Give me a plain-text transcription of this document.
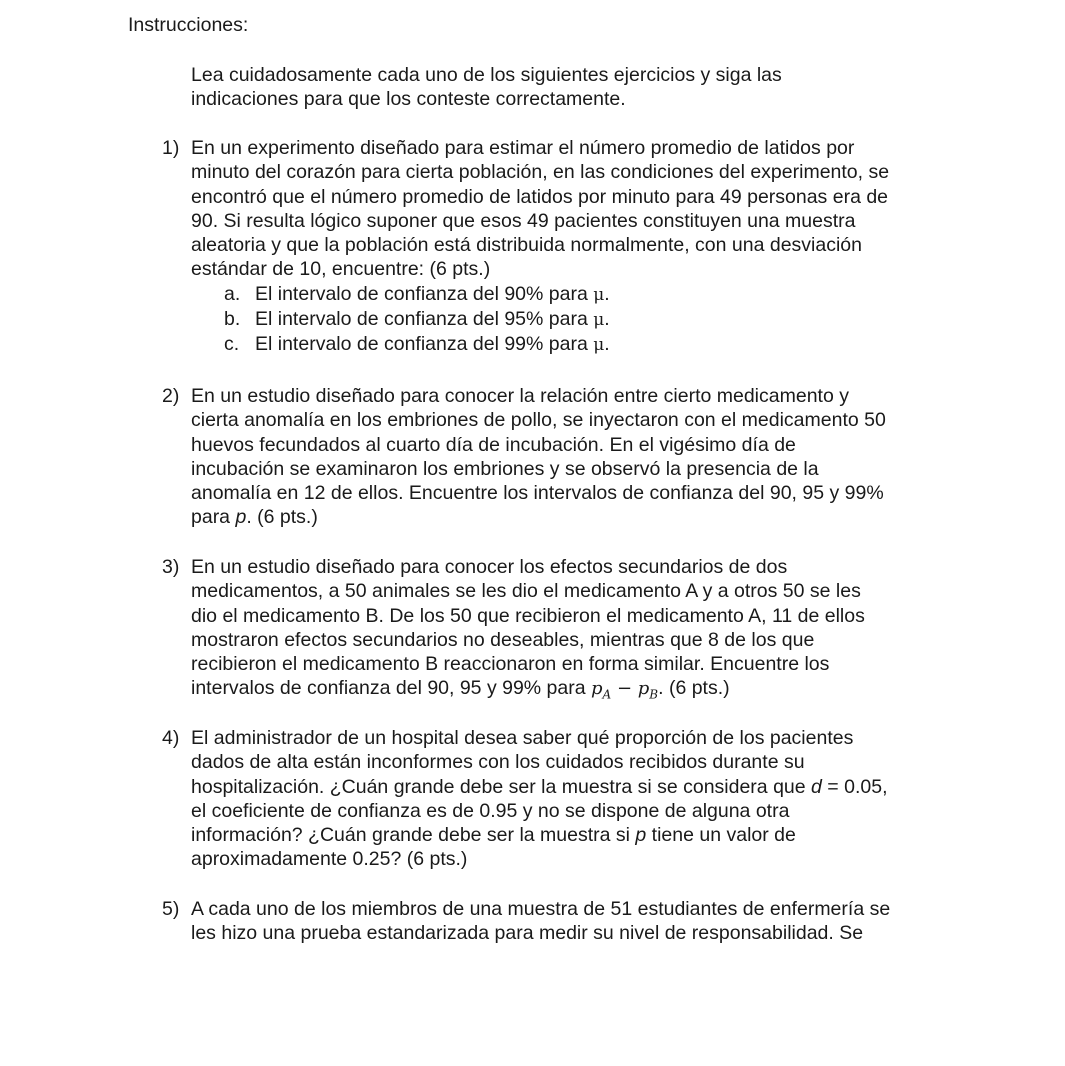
Instrucciones:

Lea cuidadosamente cada uno de los siguientes ejercicios y siga las

indicaciones para que los conteste correctamente.

1) En un experimento diseñado para estimar el número promedio de latidos por
minuto del corazón para cierta población, en las condiciones del experimento, se
encontró que el número promedio de latidos por minuto para 49 personas era de
90. Si resulta lógico suponer que esos 49 pacientes constituyen una muestra
aleatoria y que la población está distribuida normalmente, con una desviación
estándar de 10, encuentre: (6 pts.)
a. El intervalo de confianza del 90% para μ.
b. El intervalo de confianza del 95% para μ.
c. El intervalo de confianza del 99% para μ.
2) En un estudio diseñado para conocer la relación entre cierto medicamento y
cierta anomalía en los embriones de pollo, se inyectaron con el medicamento 50
huevos fecundados al cuarto día de incubación. En el vigésimo día de
incubación se examinaron los embriones y se observó la presencia de la
anomalía en 12 de ellos. Encuentre los intervalos de confianza del 90, 95 y 99%
para p. (6 pts.)
3) En un estudio diseñado para conocer los efectos secundarios de dos
medicamentos, a 50 animales se les dio el medicamento A y a otros 50 se les
dio el medicamento B. De los 50 que recibieron el medicamento A, 11 de ellos
mostraron efectos secundarios no deseables, mientras que 8 de los que
recibieron el medicamento B reaccionaron en forma similar. Encuentre los
intervalos de confianza del 90, 95 y 99% para $p_A - p_B$. (6 pts.)
4) El administrador de un hospital desea saber qué proporción de los pacientes
dados de alta están inconformes con los cuidados recibidos durante su
hospitalización. ¿Cuán grande debe ser la muestra si se considera que d = 0.05,
el coeficiente de confianza es de 0.95 y no se dispone de alguna otra
información? ¿Cuán grande debe ser la muestra si p tiene un valor de
aproximadamente 0.25? (6 pts.)
5) A cada uno de los miembros de una muestra de 51 estudiantes de enfermería se
les hizo una prueba estandarizada para medir su nivel de responsabilidad. Se
